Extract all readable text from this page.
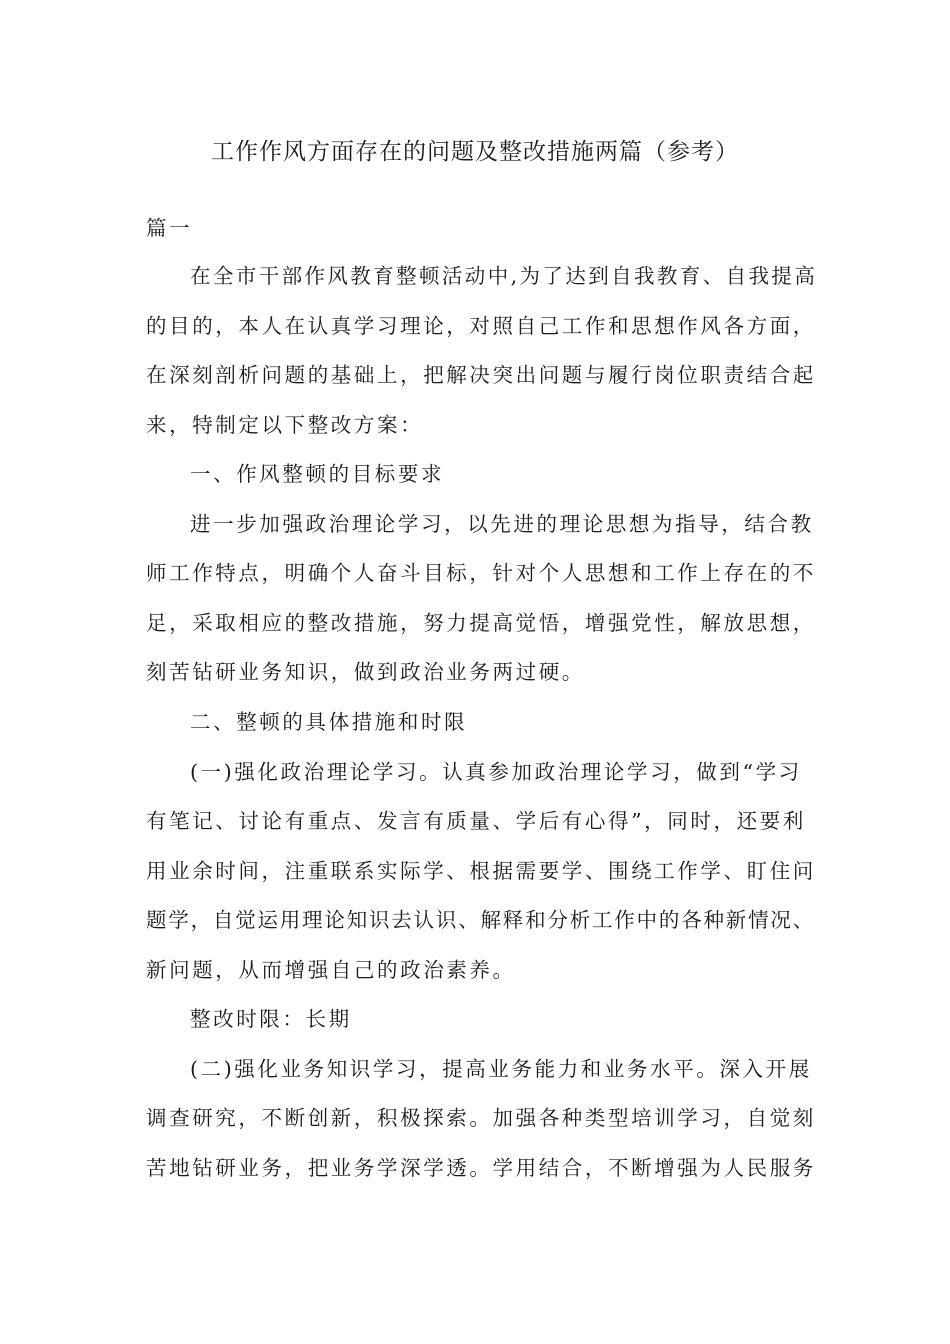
工作作风方面存在的问题及整改措施两篇（参考）
篇一
在全市干部作风教育整顿活动中,为了达到自我教育、自我提高
的目的，本人在认真学习理论，对照自己工作和思想作风各方面，
在深刻剖析问题的基础上，把解决突出问题与履行岗位职责结合起
来，特制定以下整改方案：
一、作风整顿的目标要求
进一步加强政治理论学习，以先进的理论思想为指导，结合教
师工作特点，明确个人奋斗目标，针对个人思想和工作上存在的不
足，采取相应的整改措施，努力提高觉悟，增强党性，解放思想，
刻苦钻研业务知识，做到政治业务两过硬。
二、整顿的具体措施和时限
(一)强化政治理论学习。认真参加政治理论学习，做到“学习
有笔记、讨论有重点、发言有质量、学后有心得”，同时，还要利
用业余时间，注重联系实际学、根据需要学、围绕工作学、盯住问
题学，自觉运用理论知识去认识、解释和分析工作中的各种新情况、
新问题，从而增强自己的政治素养。
整改时限：长期
(二)强化业务知识学习，提高业务能力和业务水平。深入开展
调查研究，不断创新，积极探索。加强各种类型培训学习，自觉刻
苦地钻研业务，把业务学深学透。学用结合，不断增强为人民服务
